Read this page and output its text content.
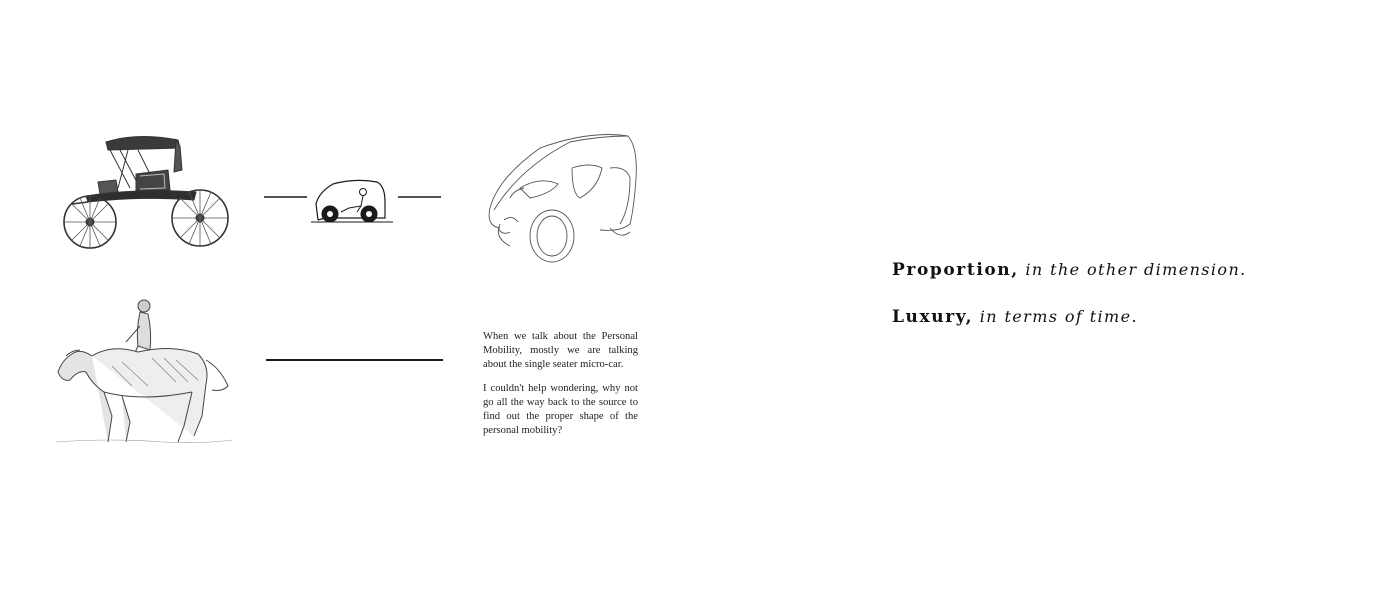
When we talk about the Personal Mobility, mostly we are talking about the single seater micro-car.

I couldn't help wondering, why not go all the way back to the source to find out the proper shape of the personal mobility?

Proportion, in the other dimension.
Luxury, in terms of time.
